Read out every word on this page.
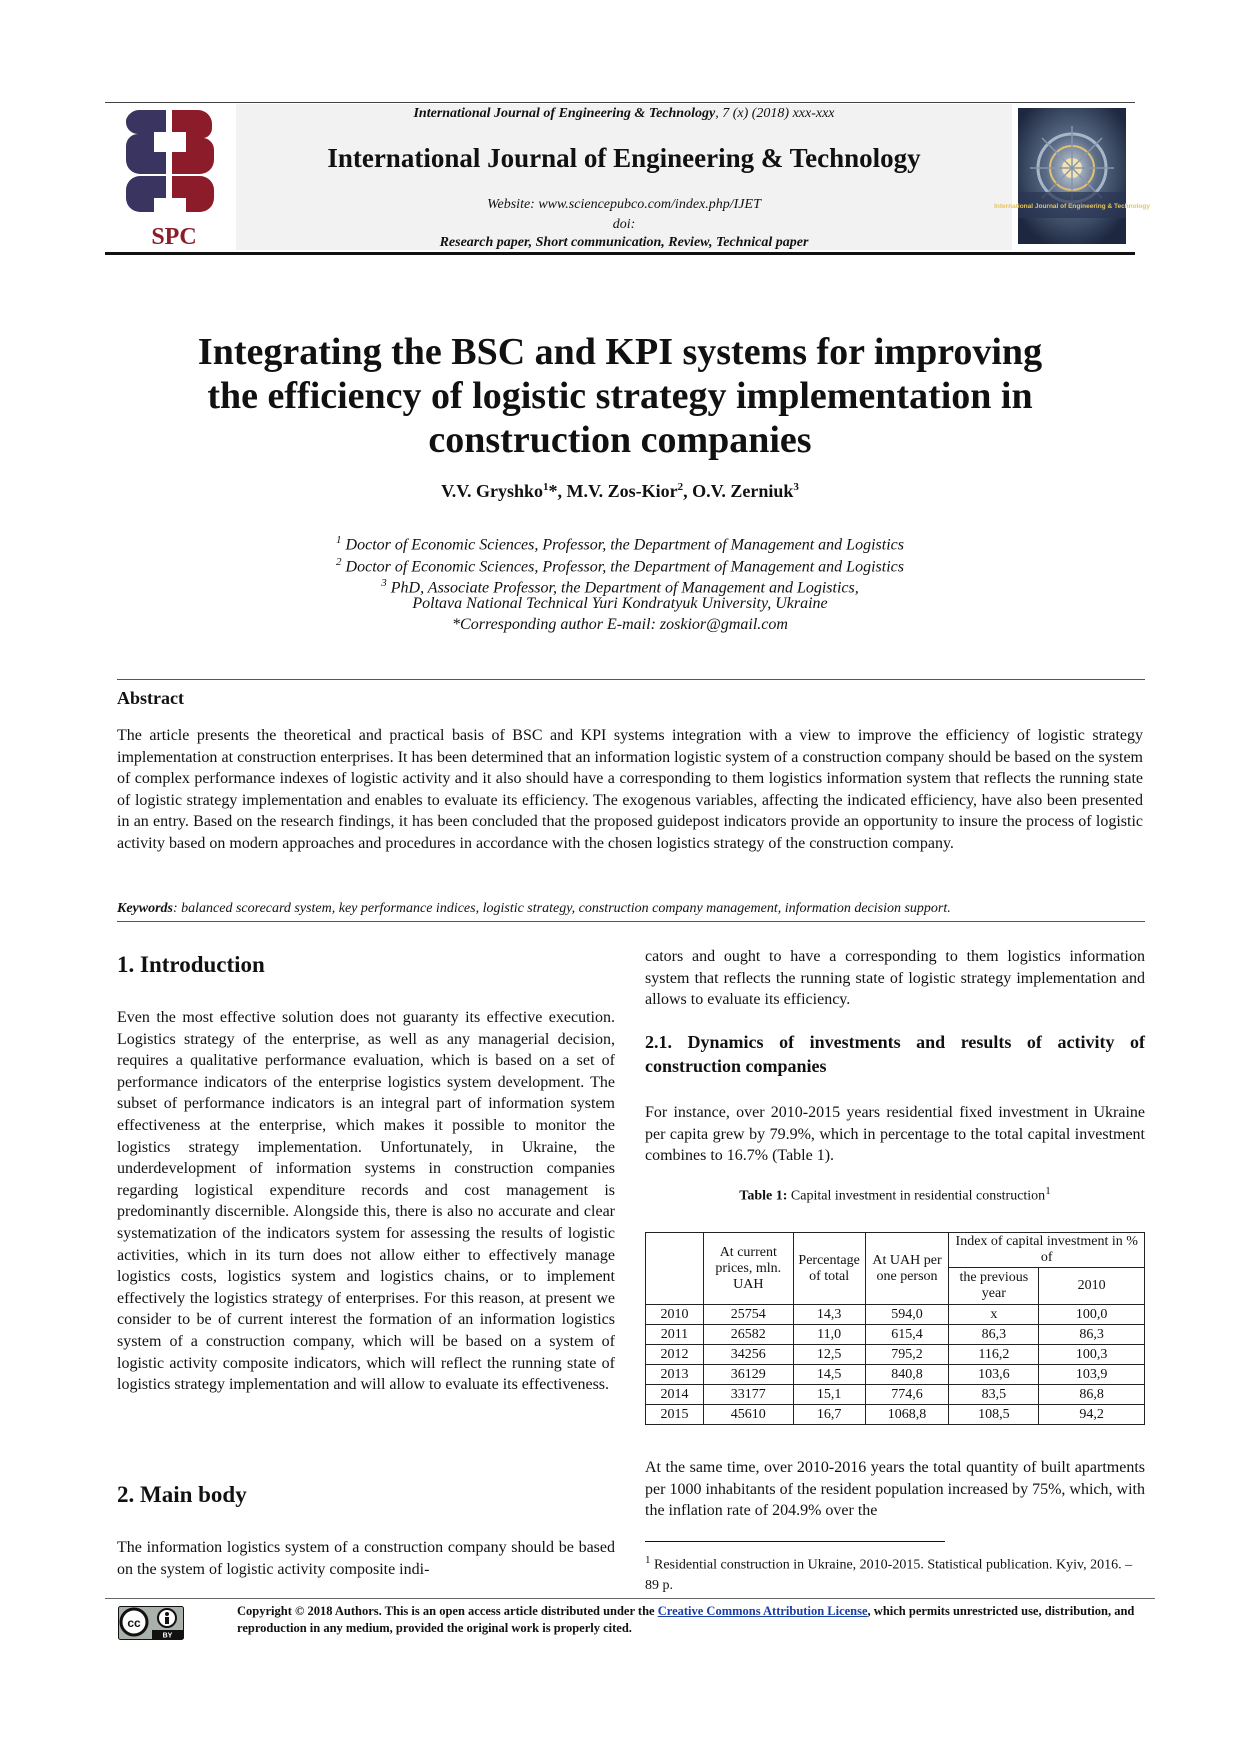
SPC
International Journal of Engineering & Technology, 7 (x) (2018) xxx-xxx
International Journal of Engineering & Technology
Website: www.sciencepubco.com/index.php/IJET
doi:
Research paper, Short communication, Review, Technical paper
International Journal of Engineering & Technology
Integrating the BSC and KPI systems for improving
the efficiency of logistic strategy implementation in
construction companies
V.V. Gryshko$^1$*, M.V. Zos-Kior$^2$, O.V. Zerniuk$^3$
$^1$ Doctor of Economic Sciences, Professor, the Department of Management and Logistics
$^2$ Doctor of Economic Sciences, Professor, the Department of Management and Logistics
$^3$ PhD, Associate Professor, the Department of Management and Logistics,
Poltava National Technical Yuri Kondratyuk University, Ukraine
*Corresponding author E-mail: zoskior@gmail.com
Abstract
The article presents the theoretical and practical basis of BSC and KPI systems integration with a view to improve the efficiency of logistic strategy implementation at construction enterprises. It has been determined that an information logistic system of a construction company should be based on the system of complex performance indexes of logistic activity and it also should have a corresponding to them logistics information system that reflects the running state of logistic strategy implementation and enables to evaluate its efficiency. The exogenous variables, affecting the indicated efficiency, have also been presented in an entry. Based on the research findings, it has been concluded that the proposed guidepost indicators provide an opportunity to insure the process of logistic activity based on modern approaches and procedures in accordance with the chosen logistics strategy of the construction company.
Keywords: balanced scorecard system, key performance indices, logistic strategy, construction company management, information decision support.
1. Introduction
Even the most effective solution does not guaranty its effective execution. Logistics strategy of the enterprise, as well as any managerial decision, requires a qualitative performance evaluation, which is based on a set of performance indicators of the enterprise logistics system development. The subset of performance indicators is an integral part of information system effectiveness at the enterprise, which makes it possible to monitor the logistics strategy implementation. Unfortunately, in Ukraine, the underdevelopment of information systems in construction companies regarding logistical expenditure records and cost management is predominantly discernible. Alongside this, there is also no accurate and clear systematization of the indicators system for assessing the results of logistic activities, which in its turn does not allow either to effectively manage logistics costs, logistics system and logistics chains, or to implement effectively the logistics strategy of enterprises. For this reason, at present we consider to be of current interest the formation of an information logistics system of a construction company, which will be based on a system of logistic activity composite indicators, which will reflect the running state of logistics strategy implementation and will allow to evaluate its effectiveness.
2. Main body
The information logistics system of a construction company should be based on the system of logistic activity composite indi-
cators and ought to have a corresponding to them logistics information system that reflects the running state of logistic strategy implementation and allows to evaluate its efficiency.
2.1. Dynamics of investments and results of activity of construction companies
For instance, over 2010-2015 years residential fixed investment in Ukraine per capita grew by 79.9%, which in percentage to the total capital investment combines to 16.7% (Table 1).
Table 1: Capital investment in residential construction$^1$
	At current prices, mln. UAH	Percentage of total	At UAH per one person	Index of capital investment in % of	
				the previous year	2010
2010	25754	14,3	594,0	x	100,0
2011	26582	11,0	615,4	86,3	86,3
2012	34256	12,5	795,2	116,2	100,3
2013	36129	14,5	840,8	103,6	103,9
2014	33177	15,1	774,6	83,5	86,8
2015	45610	16,7	1068,8	108,5	94,2
At the same time, over 2010-2016 years the total quantity of built apartments per 1000 inhabitants of the resident population increased by 75%, which, with the inflation rate of 204.9% over the
$^1$ Residential construction in Ukraine, 2010-2015. Statistical publication. Kyiv, 2016. – 89 p.
cc
BY
Copyright © 2018 Authors. This is an open access article distributed under the Creative Commons Attribution License, which permits unrestricted use, distribution, and reproduction in any medium, provided the original work is properly cited.
